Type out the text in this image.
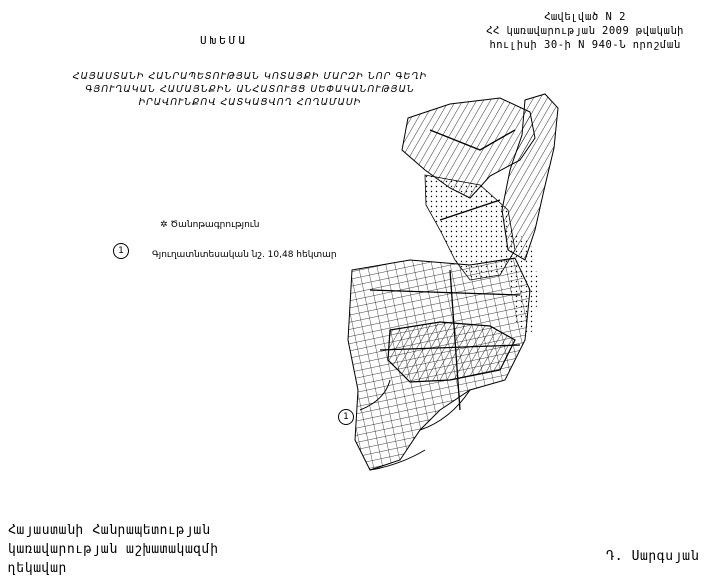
Հավելված N 2
ՀՀ կառավարության 2009 թվականի
հուլիսի 30-ի N 940-Ն որոշման
ՍԽԵՄԱ
ՀԱՅԱՍՏԱՆԻ ՀԱՆՐԱՊԵՏՈՒԹՅԱՆ ԿՈՏԱՅՔԻ ՄԱՐԶԻ ՆՈՐ ԳԵՂԻ
ԳՅՈՒՂԱԿԱՆ ՀԱՄԱՅՆՔԻՆ ԱՆՀԱՏՈՒՅՑ ՍԵՓԱԿԱՆՈՒԹՅԱՆ
ԻՐԱՎՈՒՆՔՈՎ ՀԱՏԿԱՑՎՈՂ ՀՈՂԱՄԱՍԻ
✲ Ծանոթագրություն
1	Գյուղատնտեսական նշ. 10,48 հեկտար
1
Հայաստանի Հանրապետության
կառավարության աշխատակազմի
ղեկավար
Դ. Սարգսյան
